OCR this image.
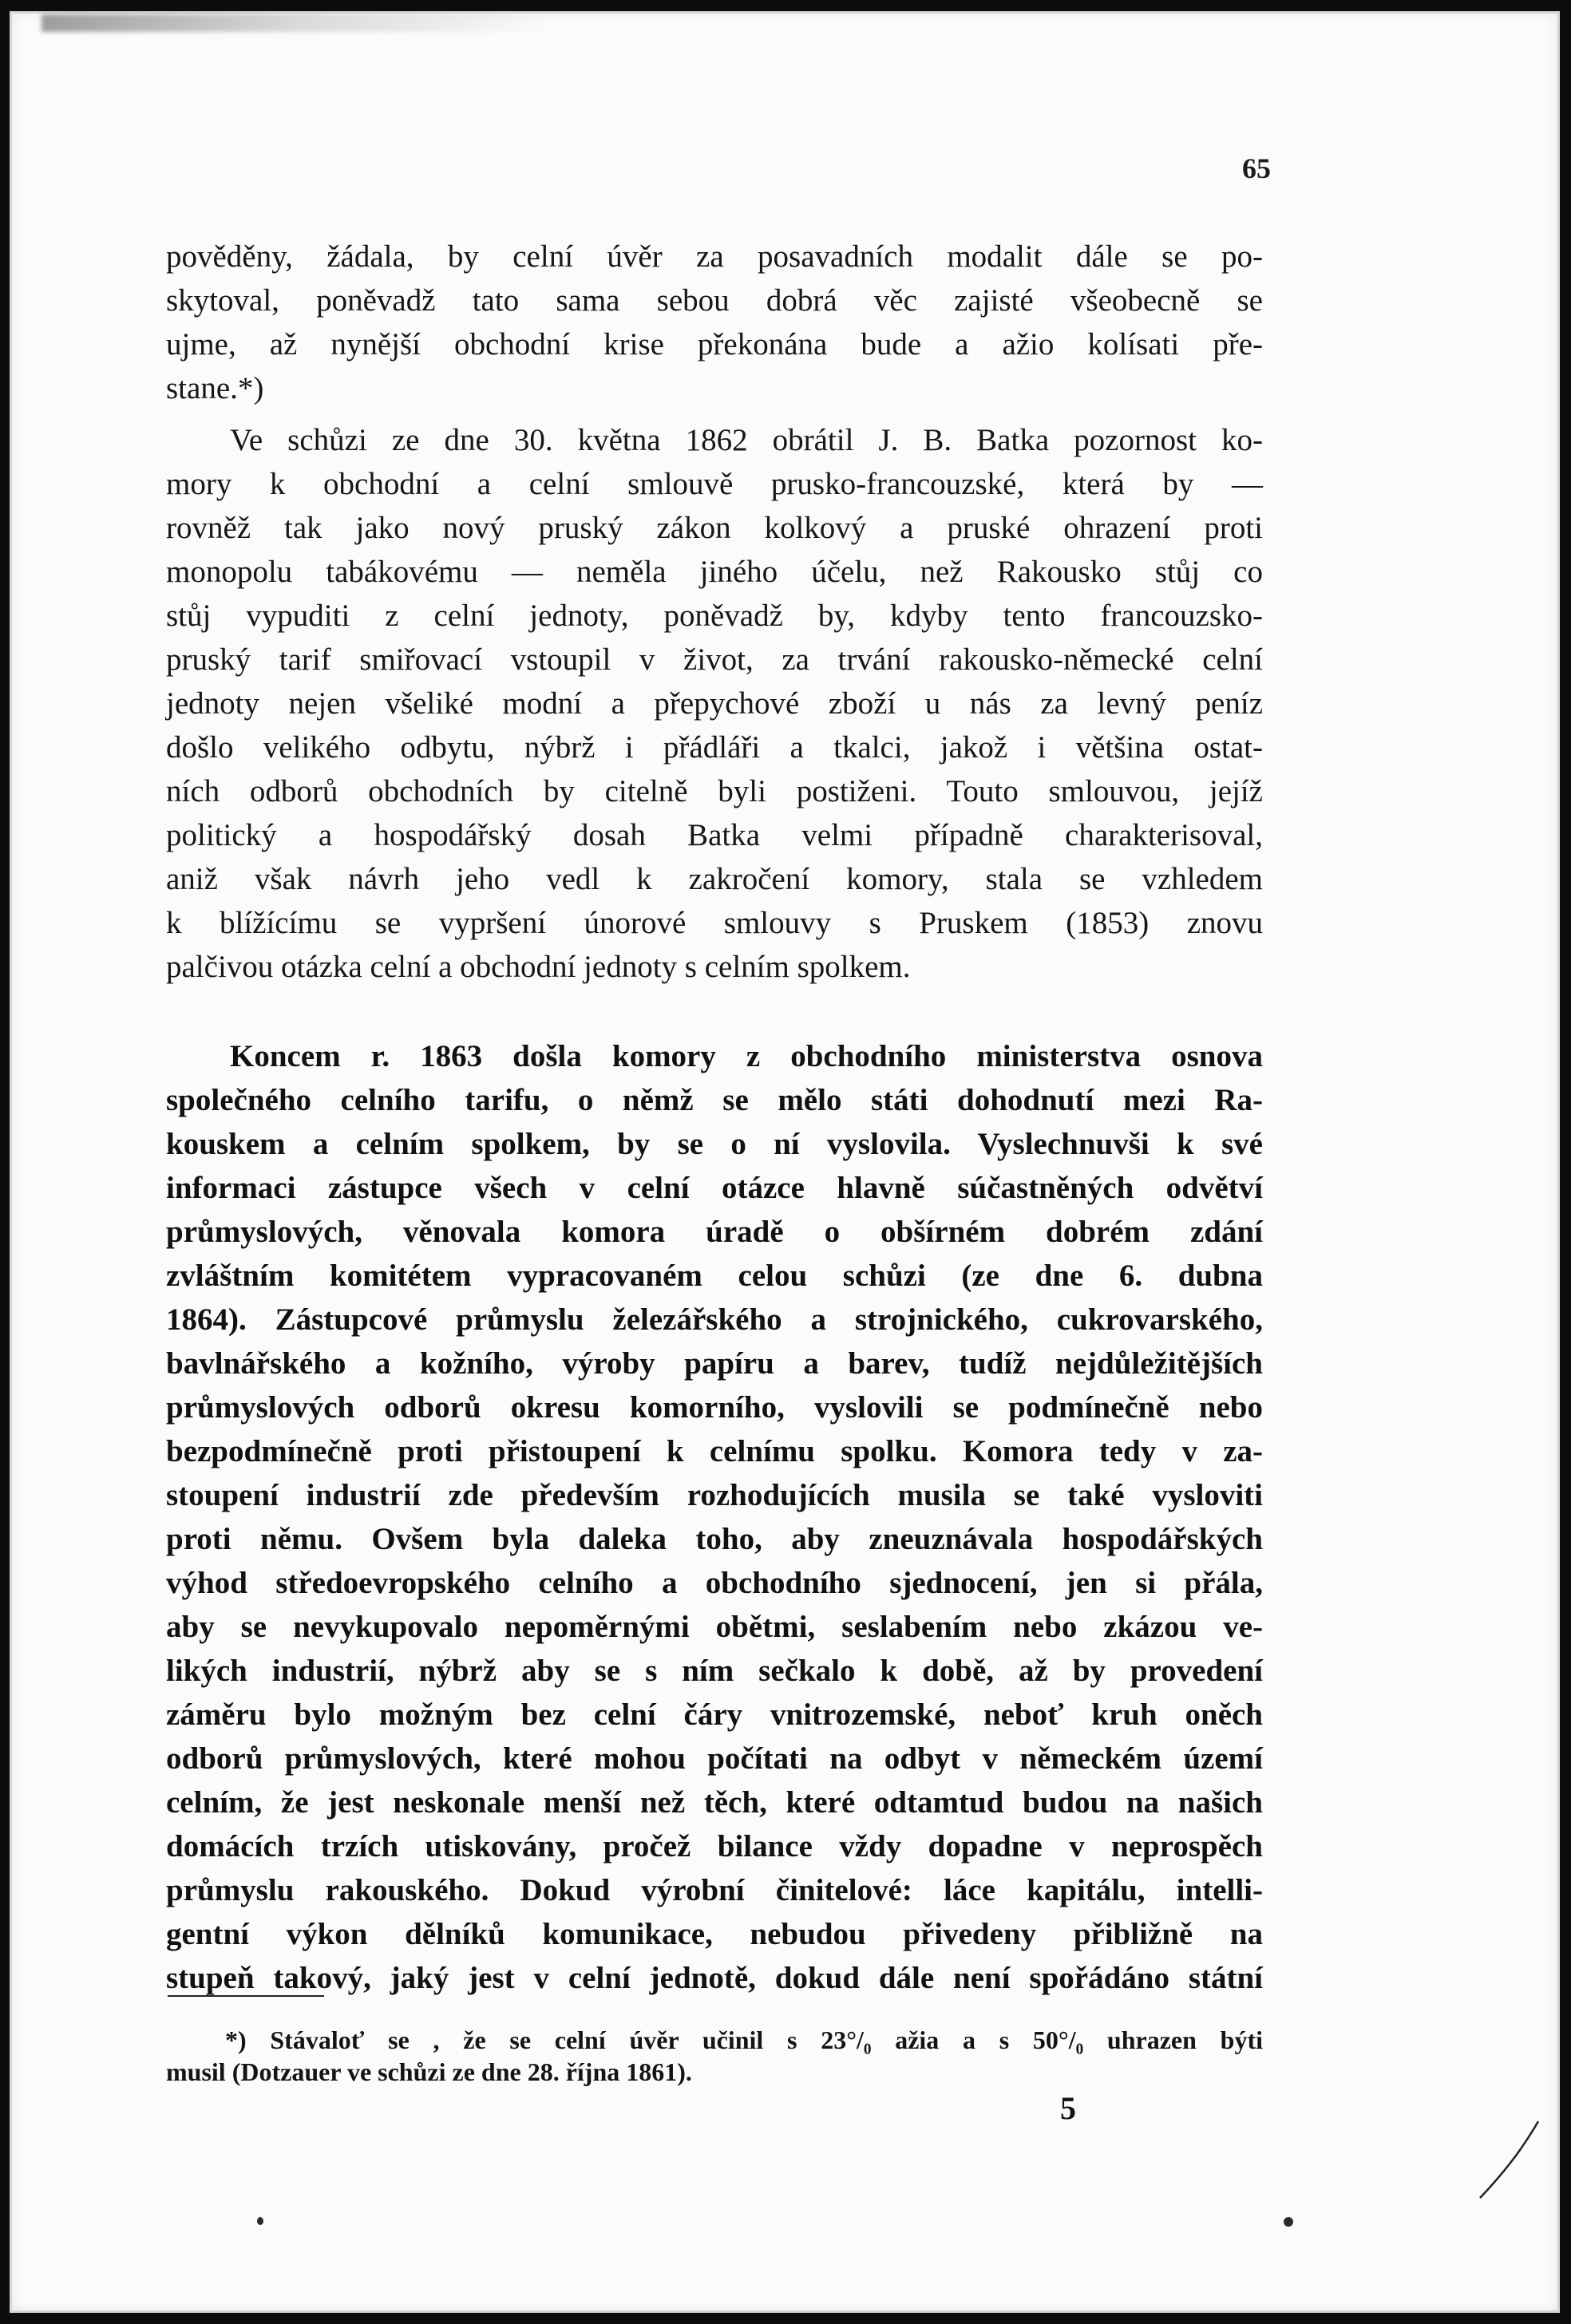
65

pověděny, žádala, by celní úvěr za posavadních modalit dále se po-
skytoval, poněvadž tato sama sebou dobrá věc zajisté všeobecně se
ujme, až nynější obchodní krise překonána bude a ažio kolísati pře-
stane.*)

Ve schůzi ze dne 30. května 1862 obrátil J. B. Batka pozornost ko-
mory k obchodní a celní smlouvě prusko-francouzské, která by —
rovněž tak jako nový pruský zákon kolkový a pruské ohrazení proti
monopolu tabákovému — neměla jiného účelu, než Rakousko stůj co
stůj vypuditi z celní jednoty, poněvadž by, kdyby tento francouzsko-
pruský tarif smiřovací vstoupil v život, za trvání rakousko-německé celní
jednoty nejen všeliké modní a přepychové zboží u nás za levný peníz
došlo velikého odbytu, nýbrž i přádláři a tkalci, jakož i většina ostat-
ních odborů obchodních by citelně byli postiženi. Touto smlouvou, jejíž
politický a hospodářský dosah Batka velmi případně charakterisoval,
aniž však návrh jeho vedl k zakročení komory, stala se vzhledem
k blížícímu se vypršení únorové smlouvy s Pruskem (1853) znovu
palčivou otázka celní a obchodní jednoty s celním spolkem.

Koncem r. 1863 došla komory z obchodního ministerstva osnova
společného celního tarifu, o němž se mělo státi dohodnutí mezi Ra-
kouskem a celním spolkem, by se o ní vyslovila. Vyslechnuvši k své
informaci zástupce všech v celní otázce hlavně súčastněných odvětví
průmyslových, věnovala komora úradě o obšírném dobrém zdání
zvláštním komitétem vypracovaném celou schůzi (ze dne 6. dubna
1864). Zástupcové průmyslu železářského a strojnického, cukrovarského,
bavlnářského a kožního, výroby papíru a barev, tudíž nejdůležitějších
průmyslových odborů okresu komorního, vyslovili se podmínečně nebo
bezpodmínečně proti přistoupení k celnímu spolku. Komora tedy v za-
stoupení industrií zde především rozhodujících musila se také vysloviti
proti němu. Ovšem byla daleka toho, aby zneuznávala hospodářských
výhod středoevropského celního a obchodního sjednocení, jen si přála,
aby se nevykupovalo nepoměrnými obětmi, seslabením nebo zkázou ve-
likých industrií, nýbrž aby se s ním sečkalo k době, až by provedení
záměru bylo možným bez celní čáry vnitrozemské, neboť kruh oněch
odborů průmyslových, které mohou počítati na odbyt v německém území
celním, že jest neskonale menší než těch, které odtamtud budou na našich
domácích trzích utiskovány, pročež bilance vždy dopadne v neprospěch
průmyslu rakouského. Dokud výrobní činitelové: láce kapitálu, intelli-
gentní výkon dělníků komunikace, nebudou přivedeny přibližně na
stupeň takový, jaký jest v celní jednotě, dokud dále není spořádáno státní

*) Stávaloť se , že se celní úvěr učinil s 23°/₀ ažia a s 50°/₀ uhrazen býti
musil (Dotzauer ve schůzi ze dne 28. října 1861).
5
